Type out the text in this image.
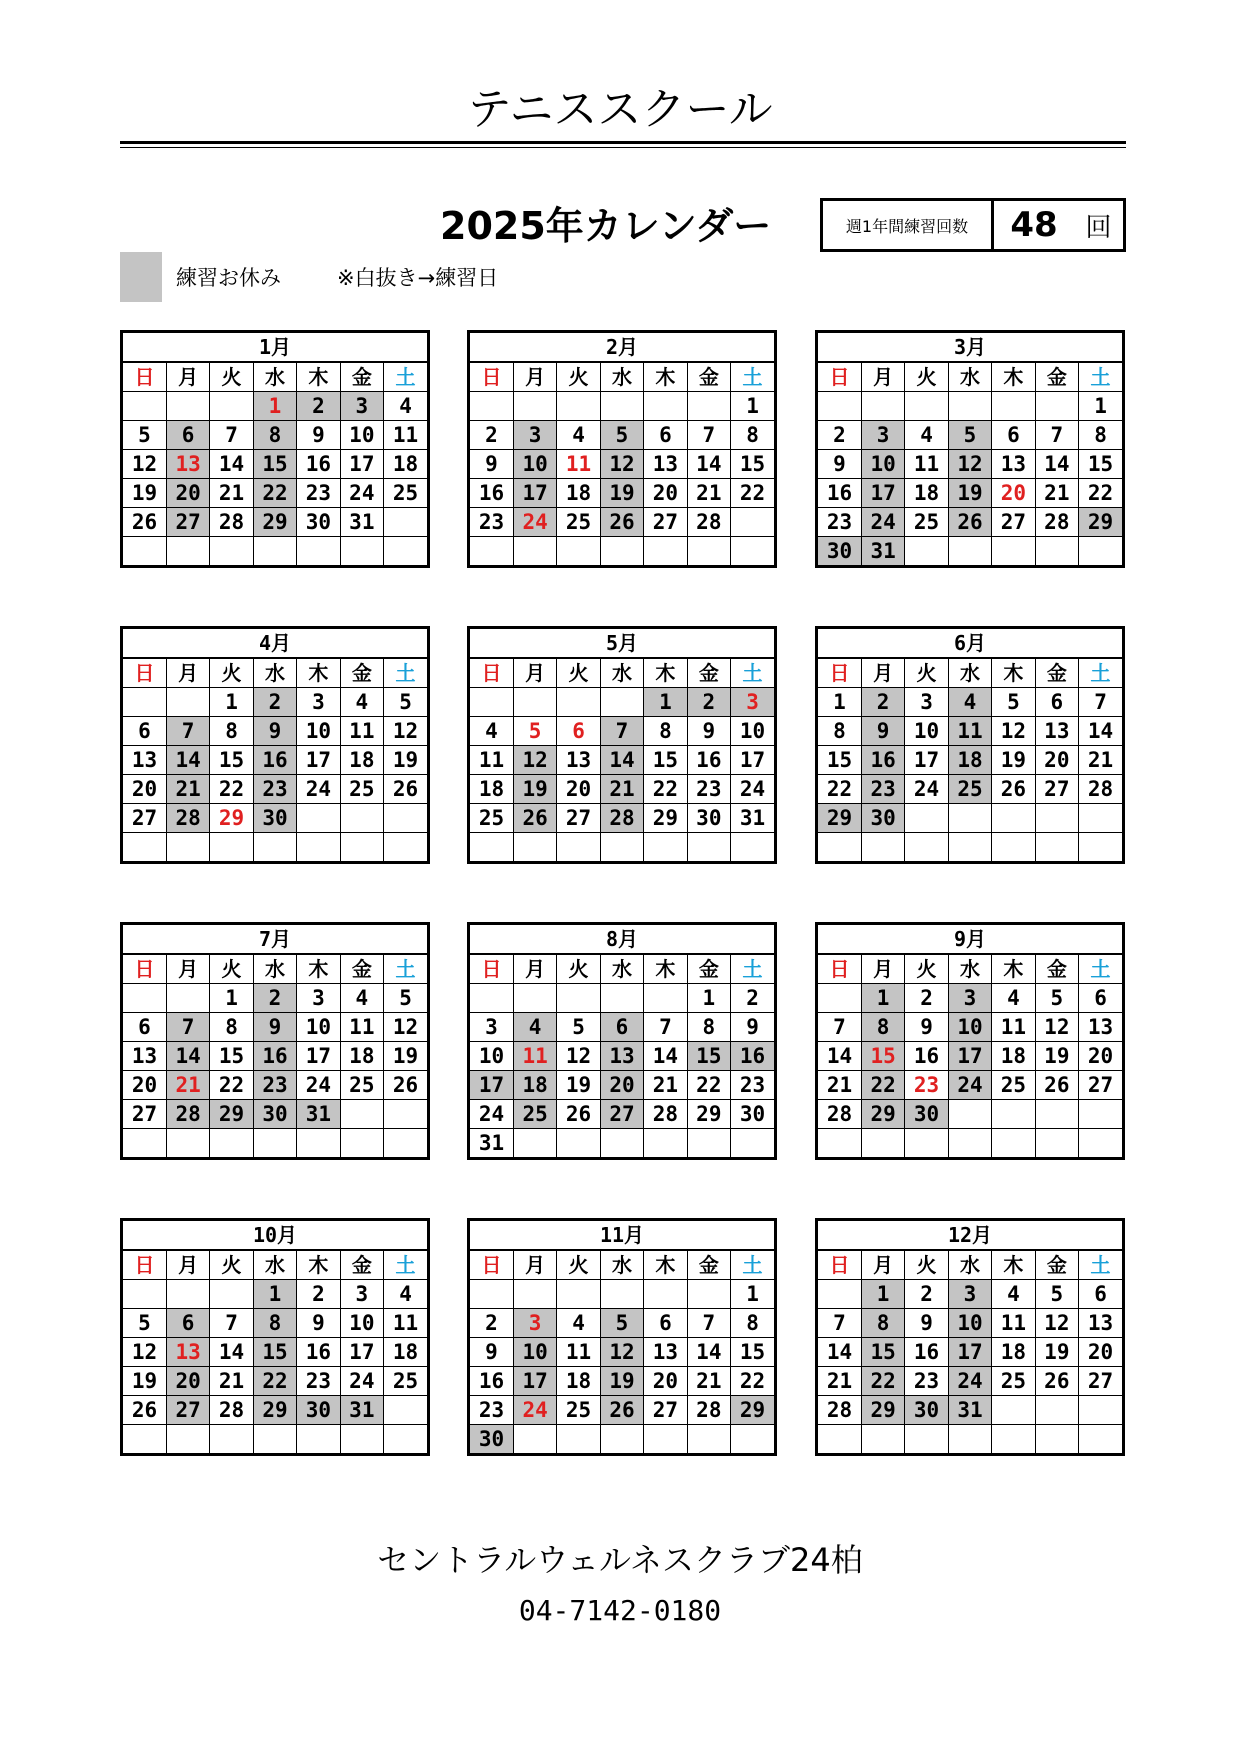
テニススクール
2025年カレンダー	週1年間練習回数	48	回
練習お休み	※白抜き→練習日
1月						
日	月	火	水	木	金	土
			1	2	3	4
5	6	7	8	9	10	11
12	13	14	15	16	17	18
19	20	21	22	23	24	25
26	27	28	29	30	31	

2月						
日	月	火	水	木	金	土
						1
2	3	4	5	6	7	8
9	10	11	12	13	14	15
16	17	18	19	20	21	22
23	24	25	26	27	28	

3月						
日	月	火	水	木	金	土
						1
2	3	4	5	6	7	8
9	10	11	12	13	14	15
16	17	18	19	20	21	22
23	24	25	26	27	28	29
30	31					
4月						
日	月	火	水	木	金	土
		1	2	3	4	5
6	7	8	9	10	11	12
13	14	15	16	17	18	19
20	21	22	23	24	25	26
27	28	29	30			

5月						
日	月	火	水	木	金	土
				1	2	3
4	5	6	7	8	9	10
11	12	13	14	15	16	17
18	19	20	21	22	23	24
25	26	27	28	29	30	31

6月						
日	月	火	水	木	金	土
1	2	3	4	5	6	7
8	9	10	11	12	13	14
15	16	17	18	19	20	21
22	23	24	25	26	27	28
29	30					

7月						
日	月	火	水	木	金	土
		1	2	3	4	5
6	7	8	9	10	11	12
13	14	15	16	17	18	19
20	21	22	23	24	25	26
27	28	29	30	31		

8月						
日	月	火	水	木	金	土
					1	2
3	4	5	6	7	8	9
10	11	12	13	14	15	16
17	18	19	20	21	22	23
24	25	26	27	28	29	30
31						
9月						
日	月	火	水	木	金	土
	1	2	3	4	5	6
7	8	9	10	11	12	13
14	15	16	17	18	19	20
21	22	23	24	25	26	27
28	29	30				

10月						
日	月	火	水	木	金	土
			1	2	3	4
5	6	7	8	9	10	11
12	13	14	15	16	17	18
19	20	21	22	23	24	25
26	27	28	29	30	31	

11月						
日	月	火	水	木	金	土
						1
2	3	4	5	6	7	8
9	10	11	12	13	14	15
16	17	18	19	20	21	22
23	24	25	26	27	28	29
30						
12月						
日	月	火	水	木	金	土
	1	2	3	4	5	6
7	8	9	10	11	12	13
14	15	16	17	18	19	20
21	22	23	24	25	26	27
28	29	30	31			

セントラルウェルネスクラブ24柏
04-7142-0180
